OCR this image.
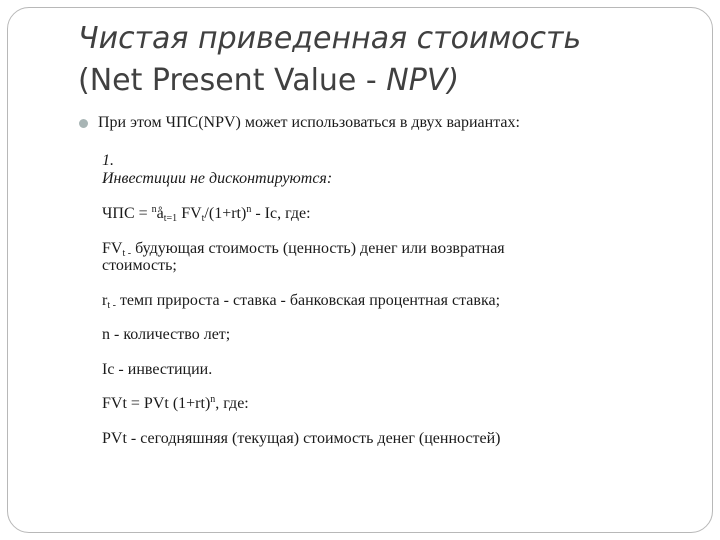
Чистая приведенная стоимость
(Net Present Value - NPV)
При этом ЧПС(NPV) может использоваться в двух вариантах:
1.
Инвестиции не дисконтируются:
ЧПС = $^nå_{t=1}$ $FV_t/(1+rt)^n - Ic$, где:
$FV_{t -}$ будующая стоимость (ценность) денег или возвратная
стоимость;
$r_{t -}$ темп прироста - ставка - банковская процентная ставка;
n - количество лет;
Ic - инвестиции.
FVt = PVt $(1+rt)^n$, где:
PVt - сегодняшняя (текущая) стоимость денег (ценностей)
